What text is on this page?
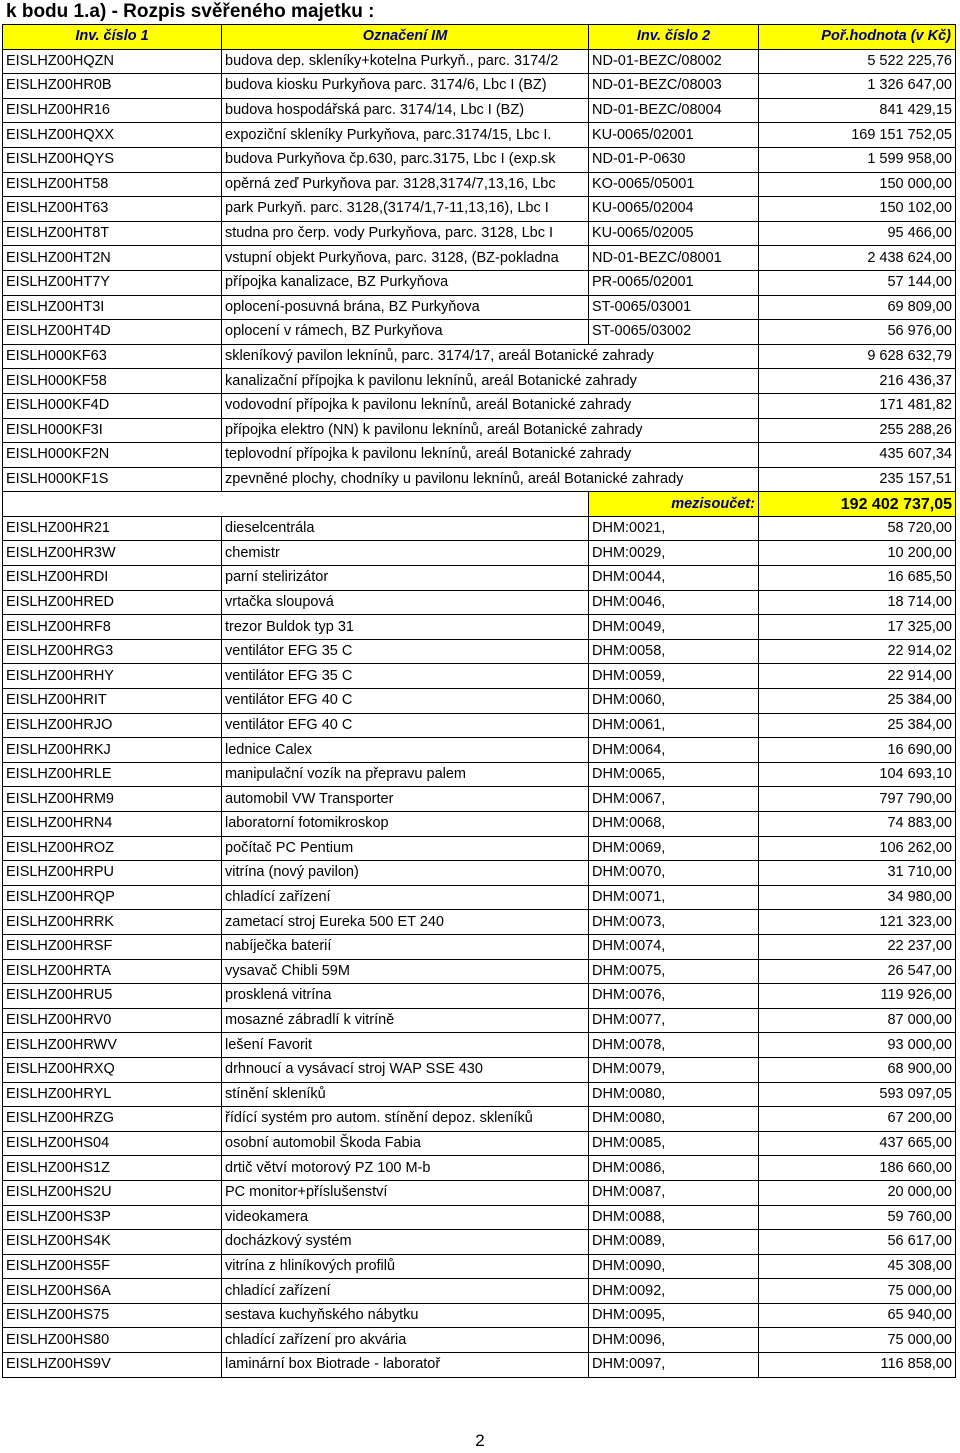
k bodu 1.a) - Rozpis svěřeného majetku :
Inv. číslo 1	Označení IM	Inv. číslo 2	Poř.hodnota (v Kč)
EISLHZ00HQZN	budova dep. skleníky+kotelna Purkyň., parc. 3174/2	ND-01-BEZC/08002	5 522 225,76
EISLHZ00HR0B	budova kiosku Purkyňova parc. 3174/6, Lbc I (BZ)	ND-01-BEZC/08003	1 326 647,00
EISLHZ00HR16	budova hospodářská parc. 3174/14, Lbc I (BZ)	ND-01-BEZC/08004	841 429,15
EISLHZ00HQXX	expoziční skleníky Purkyňova, parc.3174/15, Lbc I.	KU-0065/02001	169 151 752,05
EISLHZ00HQYS	budova Purkyňova čp.630, parc.3175, Lbc I (exp.sk	ND-01-P-0630	1 599 958,00
EISLHZ00HT58	opěrná zeď Purkyňova par. 3128,3174/7,13,16, Lbc	KO-0065/05001	150 000,00
EISLHZ00HT63	park Purkyň. parc. 3128,(3174/1,7-11,13,16), Lbc I	KU-0065/02004	150 102,00
EISLHZ00HT8T	studna pro čerp. vody Purkyňova, parc. 3128, Lbc I	KU-0065/02005	95 466,00
EISLHZ00HT2N	vstupní objekt Purkyňova, parc. 3128, (BZ-pokladna	ND-01-BEZC/08001	2 438 624,00
EISLHZ00HT7Y	přípojka kanalizace, BZ Purkyňova	PR-0065/02001	57 144,00
EISLHZ00HT3I	oplocení-posuvná brána, BZ Purkyňova	ST-0065/03001	69 809,00
EISLHZ00HT4D	oplocení v rámech, BZ Purkyňova	ST-0065/03002	56 976,00
EISLH000KF63	skleníkový pavilon leknínů, parc. 3174/17, areál Botanické zahrady		9 628 632,79
EISLH000KF58	kanalizační přípojka k pavilonu leknínů, areál Botanické zahrady		216 436,37
EISLH000KF4D	vodovodní přípojka k pavilonu leknínů, areál Botanické zahrady		171 481,82
EISLH000KF3I	přípojka elektro (NN) k pavilonu leknínů, areál Botanické zahrady		255 288,26
EISLH000KF2N	teplovodní přípojka k pavilonu leknínů, areál Botanické zahrady		435 607,34
EISLH000KF1S	zpevněné plochy, chodníky u pavilonu leknínů, areál Botanické zahrady		235 157,51
		mezisoučet:	192 402 737,05
EISLHZ00HR21	dieselcentrála	DHM:0021,	58 720,00
EISLHZ00HR3W	chemistr	DHM:0029,	10 200,00
EISLHZ00HRDI	parní stelirizátor	DHM:0044,	16 685,50
EISLHZ00HRED	vrtačka sloupová	DHM:0046,	18 714,00
EISLHZ00HRF8	trezor Buldok typ 31	DHM:0049,	17 325,00
EISLHZ00HRG3	ventilátor EFG 35 C	DHM:0058,	22 914,02
EISLHZ00HRHY	ventilátor EFG 35 C	DHM:0059,	22 914,00
EISLHZ00HRIT	ventilátor EFG 40 C	DHM:0060,	25 384,00
EISLHZ00HRJO	ventilátor EFG 40 C	DHM:0061,	25 384,00
EISLHZ00HRKJ	lednice Calex	DHM:0064,	16 690,00
EISLHZ00HRLE	manipulační vozík na přepravu palem	DHM:0065,	104 693,10
EISLHZ00HRM9	automobil VW Transporter	DHM:0067,	797 790,00
EISLHZ00HRN4	laboratorní fotomikroskop	DHM:0068,	74 883,00
EISLHZ00HROZ	počítač PC Pentium	DHM:0069,	106 262,00
EISLHZ00HRPU	vitrína (nový pavilon)	DHM:0070,	31 710,00
EISLHZ00HRQP	chladící zařízení	DHM:0071,	34 980,00
EISLHZ00HRRK	zametací stroj Eureka 500 ET 240	DHM:0073,	121 323,00
EISLHZ00HRSF	nabíječka baterií	DHM:0074,	22 237,00
EISLHZ00HRTA	vysavač Chibli 59M	DHM:0075,	26 547,00
EISLHZ00HRU5	prosklená vitrína	DHM:0076,	119 926,00
EISLHZ00HRV0	mosazné zábradlí k vitríně	DHM:0077,	87 000,00
EISLHZ00HRWV	lešení Favorit	DHM:0078,	93 000,00
EISLHZ00HRXQ	drhnoucí a vysávací stroj WAP SSE 430	DHM:0079,	68 900,00
EISLHZ00HRYL	stínění skleníků	DHM:0080,	593 097,05
EISLHZ00HRZG	řídící systém pro autom. stínění depoz. skleníků	DHM:0080,	67 200,00
EISLHZ00HS04	osobní automobil Škoda Fabia	DHM:0085,	437 665,00
EISLHZ00HS1Z	drtič větví motorový PZ 100 M-b	DHM:0086,	186 660,00
EISLHZ00HS2U	PC monitor+příslušenství	DHM:0087,	20 000,00
EISLHZ00HS3P	videokamera	DHM:0088,	59 760,00
EISLHZ00HS4K	docházkový systém	DHM:0089,	56 617,00
EISLHZ00HS5F	vitrína z hliníkových profilů	DHM:0090,	45 308,00
EISLHZ00HS6A	chladící zařízení	DHM:0092,	75 000,00
EISLHZ00HS75	sestava kuchyňského nábytku	DHM:0095,	65 940,00
EISLHZ00HS80	chladící zařízení pro akvária	DHM:0096,	75 000,00
EISLHZ00HS9V	laminární box Biotrade - laboratoř	DHM:0097,	116 858,00
2
